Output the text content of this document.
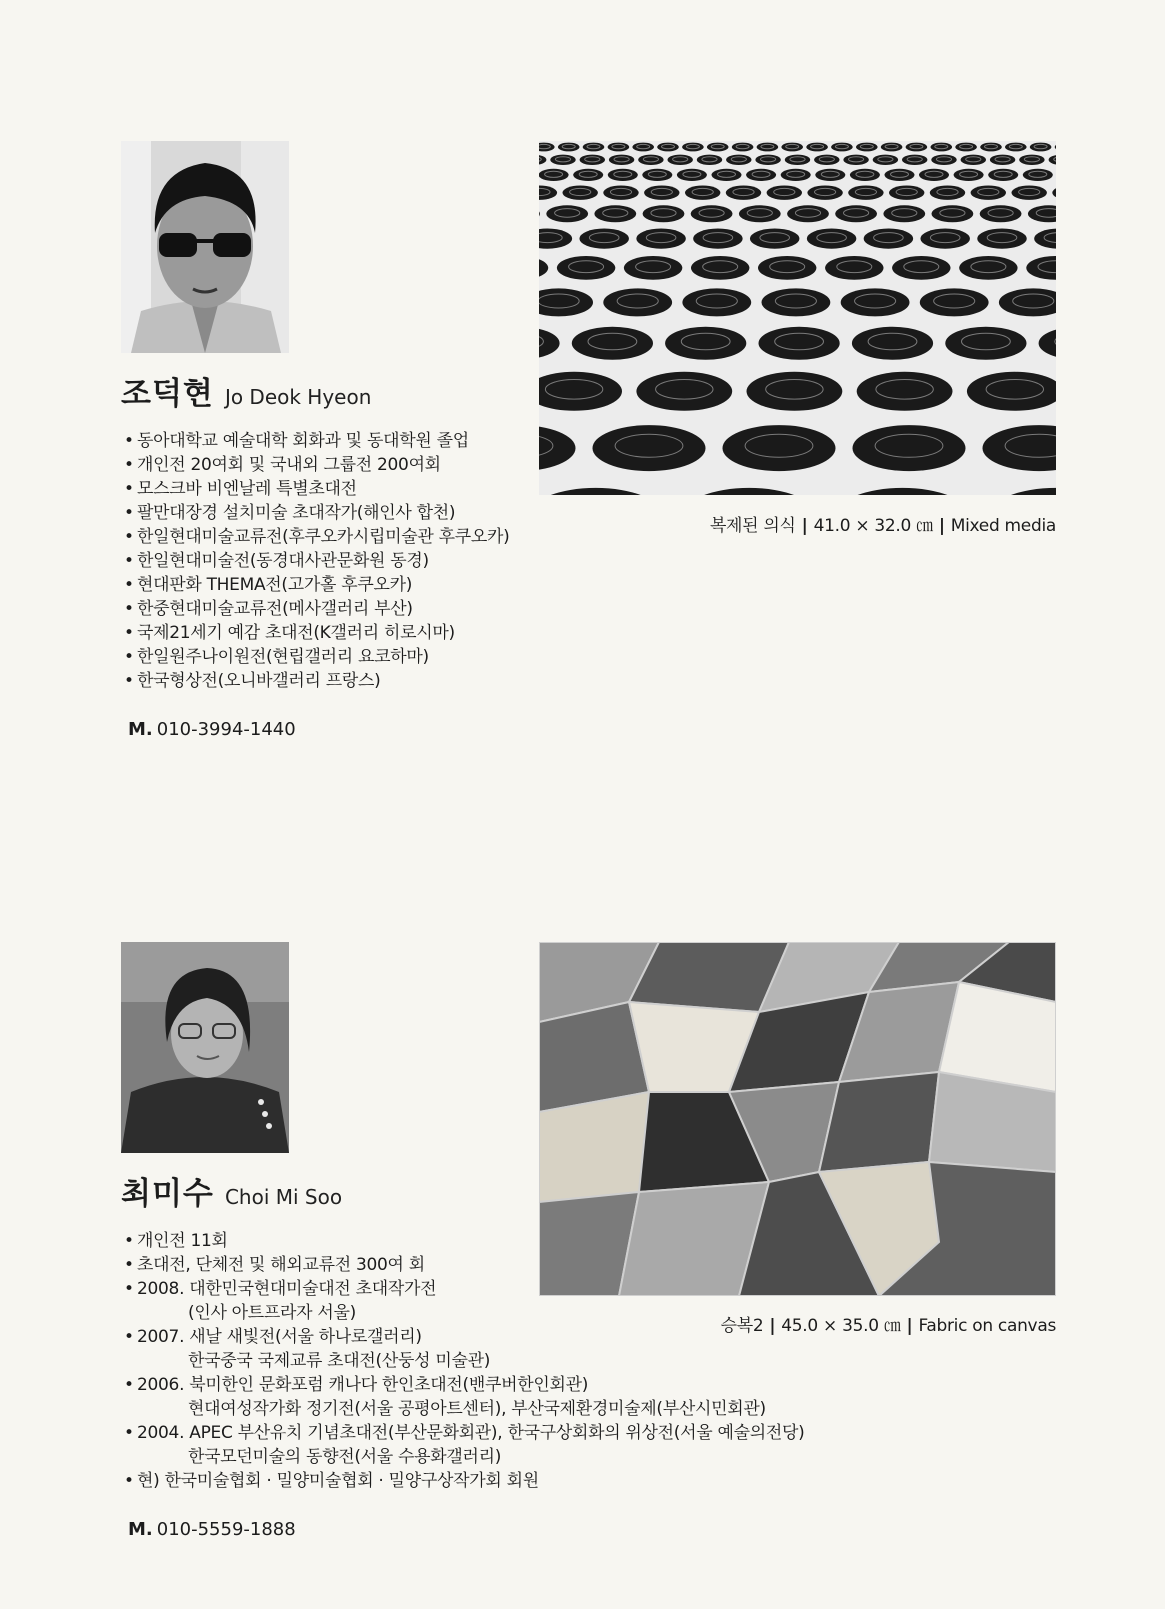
조덕현 Jo Deok Hyeon
• 동아대학교 예술대학 회화과 및 동대학원 졸업
• 개인전 20여회 및 국내외 그룹전 200여회
• 모스크바 비엔날레 특별초대전
• 팔만대장경 설치미술 초대작가(해인사 합천)
• 한일현대미술교류전(후쿠오카시립미술관 후쿠오카)
• 한일현대미술전(동경대사관문화원 동경)
• 현대판화 THEMA전(고가홀 후쿠오카)
• 한중현대미술교류전(메사갤러리 부산)
• 국제21세기 예감 초대전(K갤러리 히로시마)
• 한일원주나이원전(현립갤러리 요코하마)
• 한국형상전(오니바갤러리 프랑스)
M. 010-3994-1440
복제된 의식 | 41.0 × 32.0 ㎝ | Mixed media
최미수 Choi Mi Soo
• 개인전 11회
• 초대전, 단체전 및 해외교류전 300여 회
• 2008. 대한민국현대미술대전 초대작가전
(인사 아트프라자 서울)
• 2007. 새날 새빛전(서울 하나로갤러리)
한국중국 국제교류 초대전(산둥성 미술관)
• 2006. 북미한인 문화포럼 캐나다 한인초대전(밴쿠버한인회관)
현대여성작가화 정기전(서울 공평아트센터), 부산국제환경미술제(부산시민회관)
• 2004. APEC 부산유치 기념초대전(부산문화회관), 한국구상회화의 위상전(서울 예술의전당)
한국모던미술의 동향전(서울 수용화갤러리)
• 현) 한국미술협회 · 밀양미술협회 · 밀양구상작가회 회원
M. 010-5559-1888
승복2 | 45.0 × 35.0 ㎝ | Fabric on canvas
